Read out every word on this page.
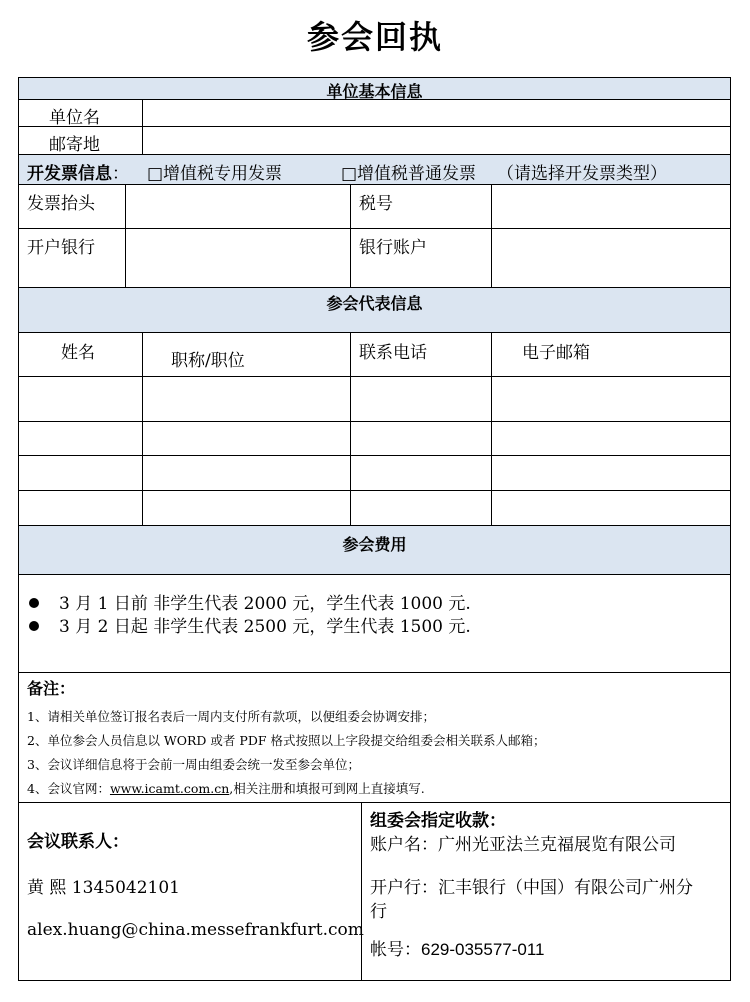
参会回执
单位基本信息
单位名
邮寄地
开发票信息： □增值税专用发票	□增值税普通发票 （请选择开发票类型）
发票抬头	税号
开户银行	银行账户
参会代表信息
姓名	职称/职位	联系电话	电子邮箱
参会费用
3 月 1 日前 非学生代表 2000 元，学生代表 1000 元.
3 月 2 日起 非学生代表 2500 元，学生代表 1500 元.
备注：
1、请相关单位签订报名表后一周内支付所有款项，以便组委会协调安排；
2、单位参会人员信息以 WORD 或者 PDF 格式按照以上字段提交给组委会相关联系人邮箱；
3、会议详细信息将于会前一周由组委会统一发至参会单位；
4、会议官网：www.icamt.com.cn,相关注册和填报可到网上直接填写.
会议联系人：
黄 熙 1345042101
alex.huang@china.messefrankfurt.com
组委会指定收款：
账户名：广州光亚法兰克福展览有限公司
开户行：汇丰银行（中国）有限公司广州分
行
帐号：629-035577-011
